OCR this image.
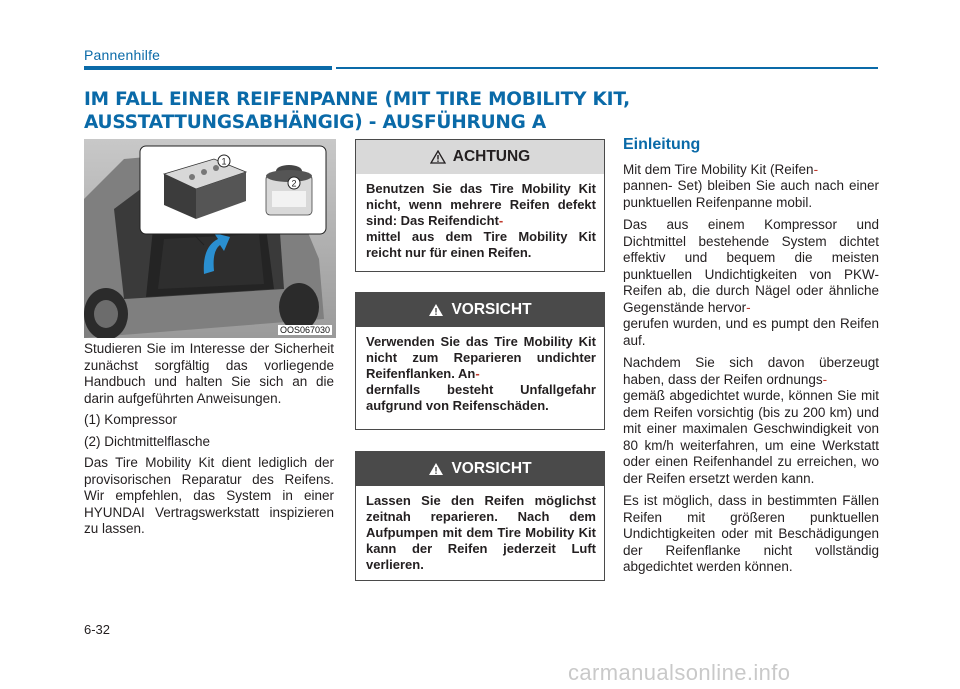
Pannenhilfe
IM FALL EINER REIFENPANNE (MIT TIRE MOBILITY KIT, AUSSTATTUNGSABHÄNGIG) - AUSFÜHRUNG A
1
2
OOS067030

Studieren Sie im Interesse der Sicherheit zunächst sorgfältig das vorliegende Handbuch und halten Sie sich an die darin aufgeführten Anweisungen.

(1) Kompressor

(2) Dichtmittelflasche

Das Tire Mobility Kit dient lediglich der provisorischen Reparatur des Reifens. Wir empfehlen, das System in einer HYUNDAI Vertragswerkstatt inspizieren zu lassen.

ACHTUNG
Benutzen Sie das Tire Mobility Kit nicht, wenn mehrere Reifen defekt sind: Das Reifendicht-
mittel aus dem Tire Mobility Kit reicht nur für einen Reifen.
VORSICHT
Verwenden Sie das Tire Mobility Kit nicht zum Reparieren undichter Reifenflanken. An-
dernfalls besteht Unfallgefahr aufgrund von Reifenschäden.
VORSICHT
Lassen Sie den Reifen möglichst zeitnah reparieren. Nach dem Aufpumpen mit dem Tire Mobility Kit kann der Reifen jederzeit Luft verlieren.
Einleitung

Mit dem Tire Mobility Kit (Reifen-
pannen- Set) bleiben Sie auch nach einer punktuellen Reifenpanne mobil.

Das aus einem Kompressor und Dichtmittel bestehende System dichtet effektiv und bequem die meisten punktuellen Undichtigkeiten von PKW-Reifen ab, die durch Nägel oder ähnliche Gegenstände hervor-
gerufen wurden, und es pumpt den Reifen auf.

Nachdem Sie sich davon überzeugt haben, dass der Reifen ordnungs-
gemäß abgedichtet wurde, können Sie mit dem Reifen vorsichtig (bis zu 200 km) und mit einer maximalen Geschwindigkeit von 80 km/h weiterfahren, um eine Werkstatt oder einen Reifenhandel zu erreichen, wo der Reifen ersetzt werden kann.

Es ist möglich, dass in bestimmten Fällen Reifen mit größeren punktuellen Undichtigkeiten oder mit Beschädigungen der Reifenflanke nicht vollständig abgedichtet werden können.

6-32
carmanualsonline.info
